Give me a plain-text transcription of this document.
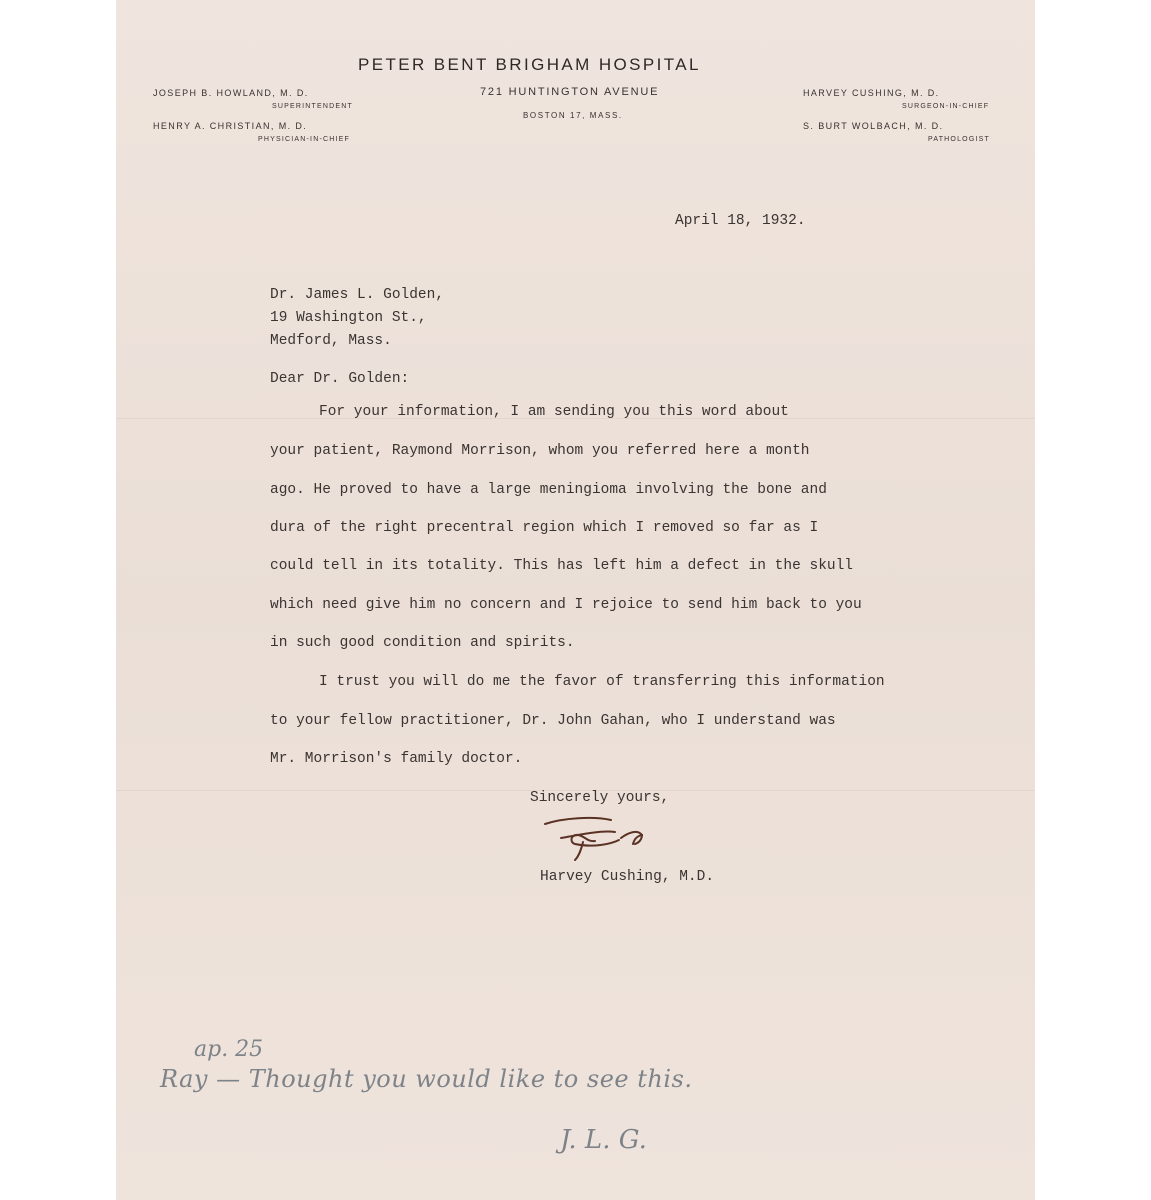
PETER BENT BRIGHAM HOSPITAL
JOSEPH B. HOWLAND, M. D.
SUPERINTENDENT
HENRY A. CHRISTIAN, M. D.
PHYSICIAN-IN-CHIEF
721 HUNTINGTON AVENUE
BOSTON 17, MASS.
HARVEY CUSHING, M. D.
SURGEON-IN-CHIEF
S. BURT WOLBACH, M. D.
PATHOLOGIST
April 18, 1932.
Dr. James L. Golden,
19 Washington St.,
Medford, Mass.
Dear Dr. Golden:
For your information, I am sending you this word about
your patient, Raymond Morrison, whom you referred here a month
ago. He proved to have a large meningioma involving the bone and
dura of the right precentral region which I removed so far as I
could tell in its totality. This has left him a defect in the skull
which need give him no concern and I rejoice to send him back to you
in such good condition and spirits.
I trust you will do me the favor of transferring this information
to your fellow practitioner, Dr. John Gahan, who I understand was
Mr. Morrison's family doctor.
Sincerely yours,
Harvey Cushing, M.D.
ap. 25
Ray — Thought you would like to see this.
J. L. G.
